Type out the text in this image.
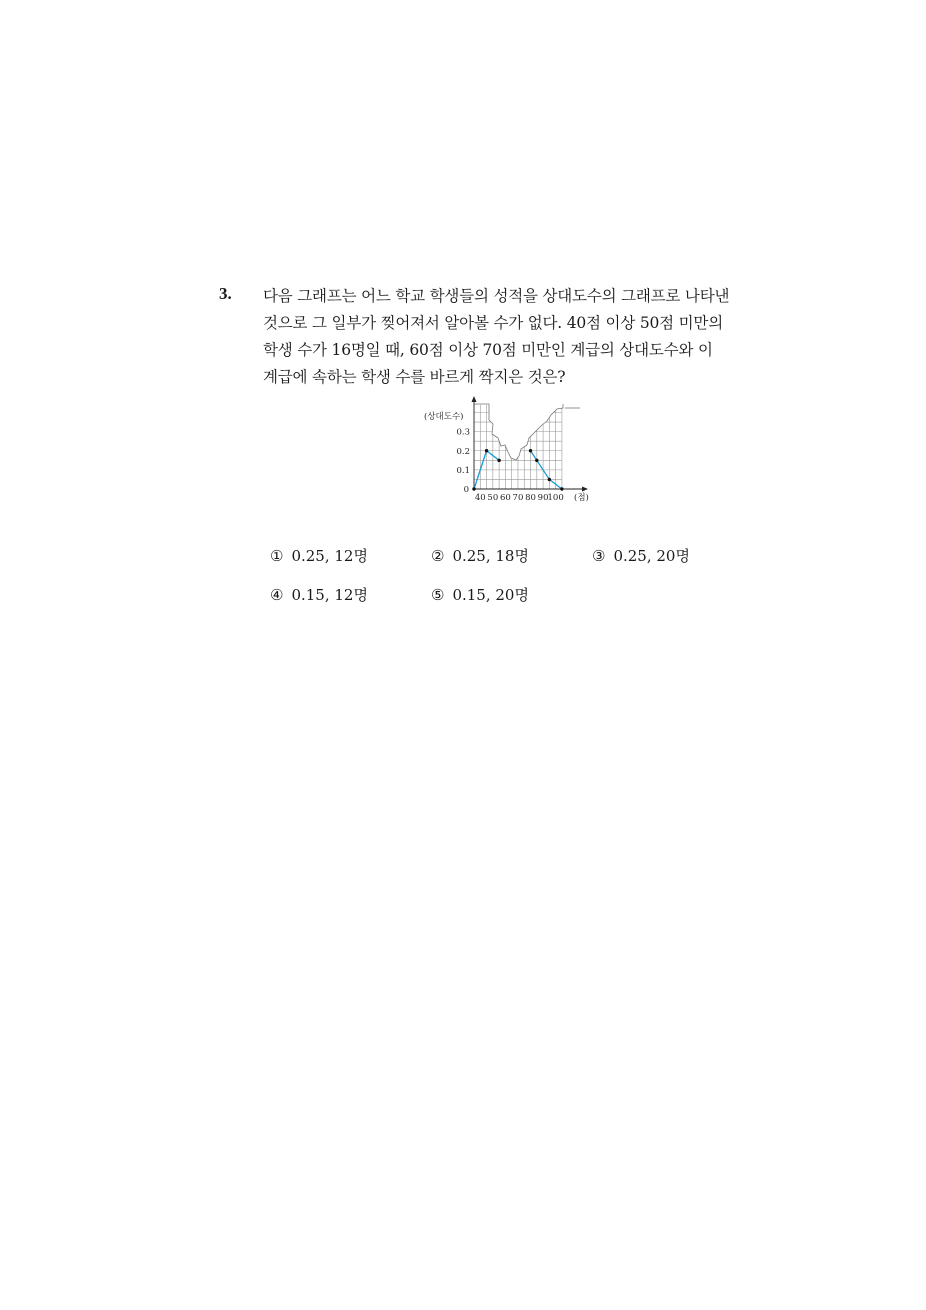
3. 다음 그래프는 어느 학교 학생들의 성적을 상대도수의 그래프로 나타낸
것으로 그 일부가 찢어져서 알아볼 수가 없다. 40점 이상 50점 미만의
학생 수가 16명일 때, 60점 이상 70점 미만인 계급의 상대도수와 이
계급에 속하는 학생 수를 바르게 짝지은 것은?
(상대도수)
0.1
0.2
0.3
0
40 50 60 70 80 90 100 (점)
① 0.25, 12명	② 0.25, 18명	③ 0.25, 20명
④ 0.15, 12명	⑤ 0.15, 20명
